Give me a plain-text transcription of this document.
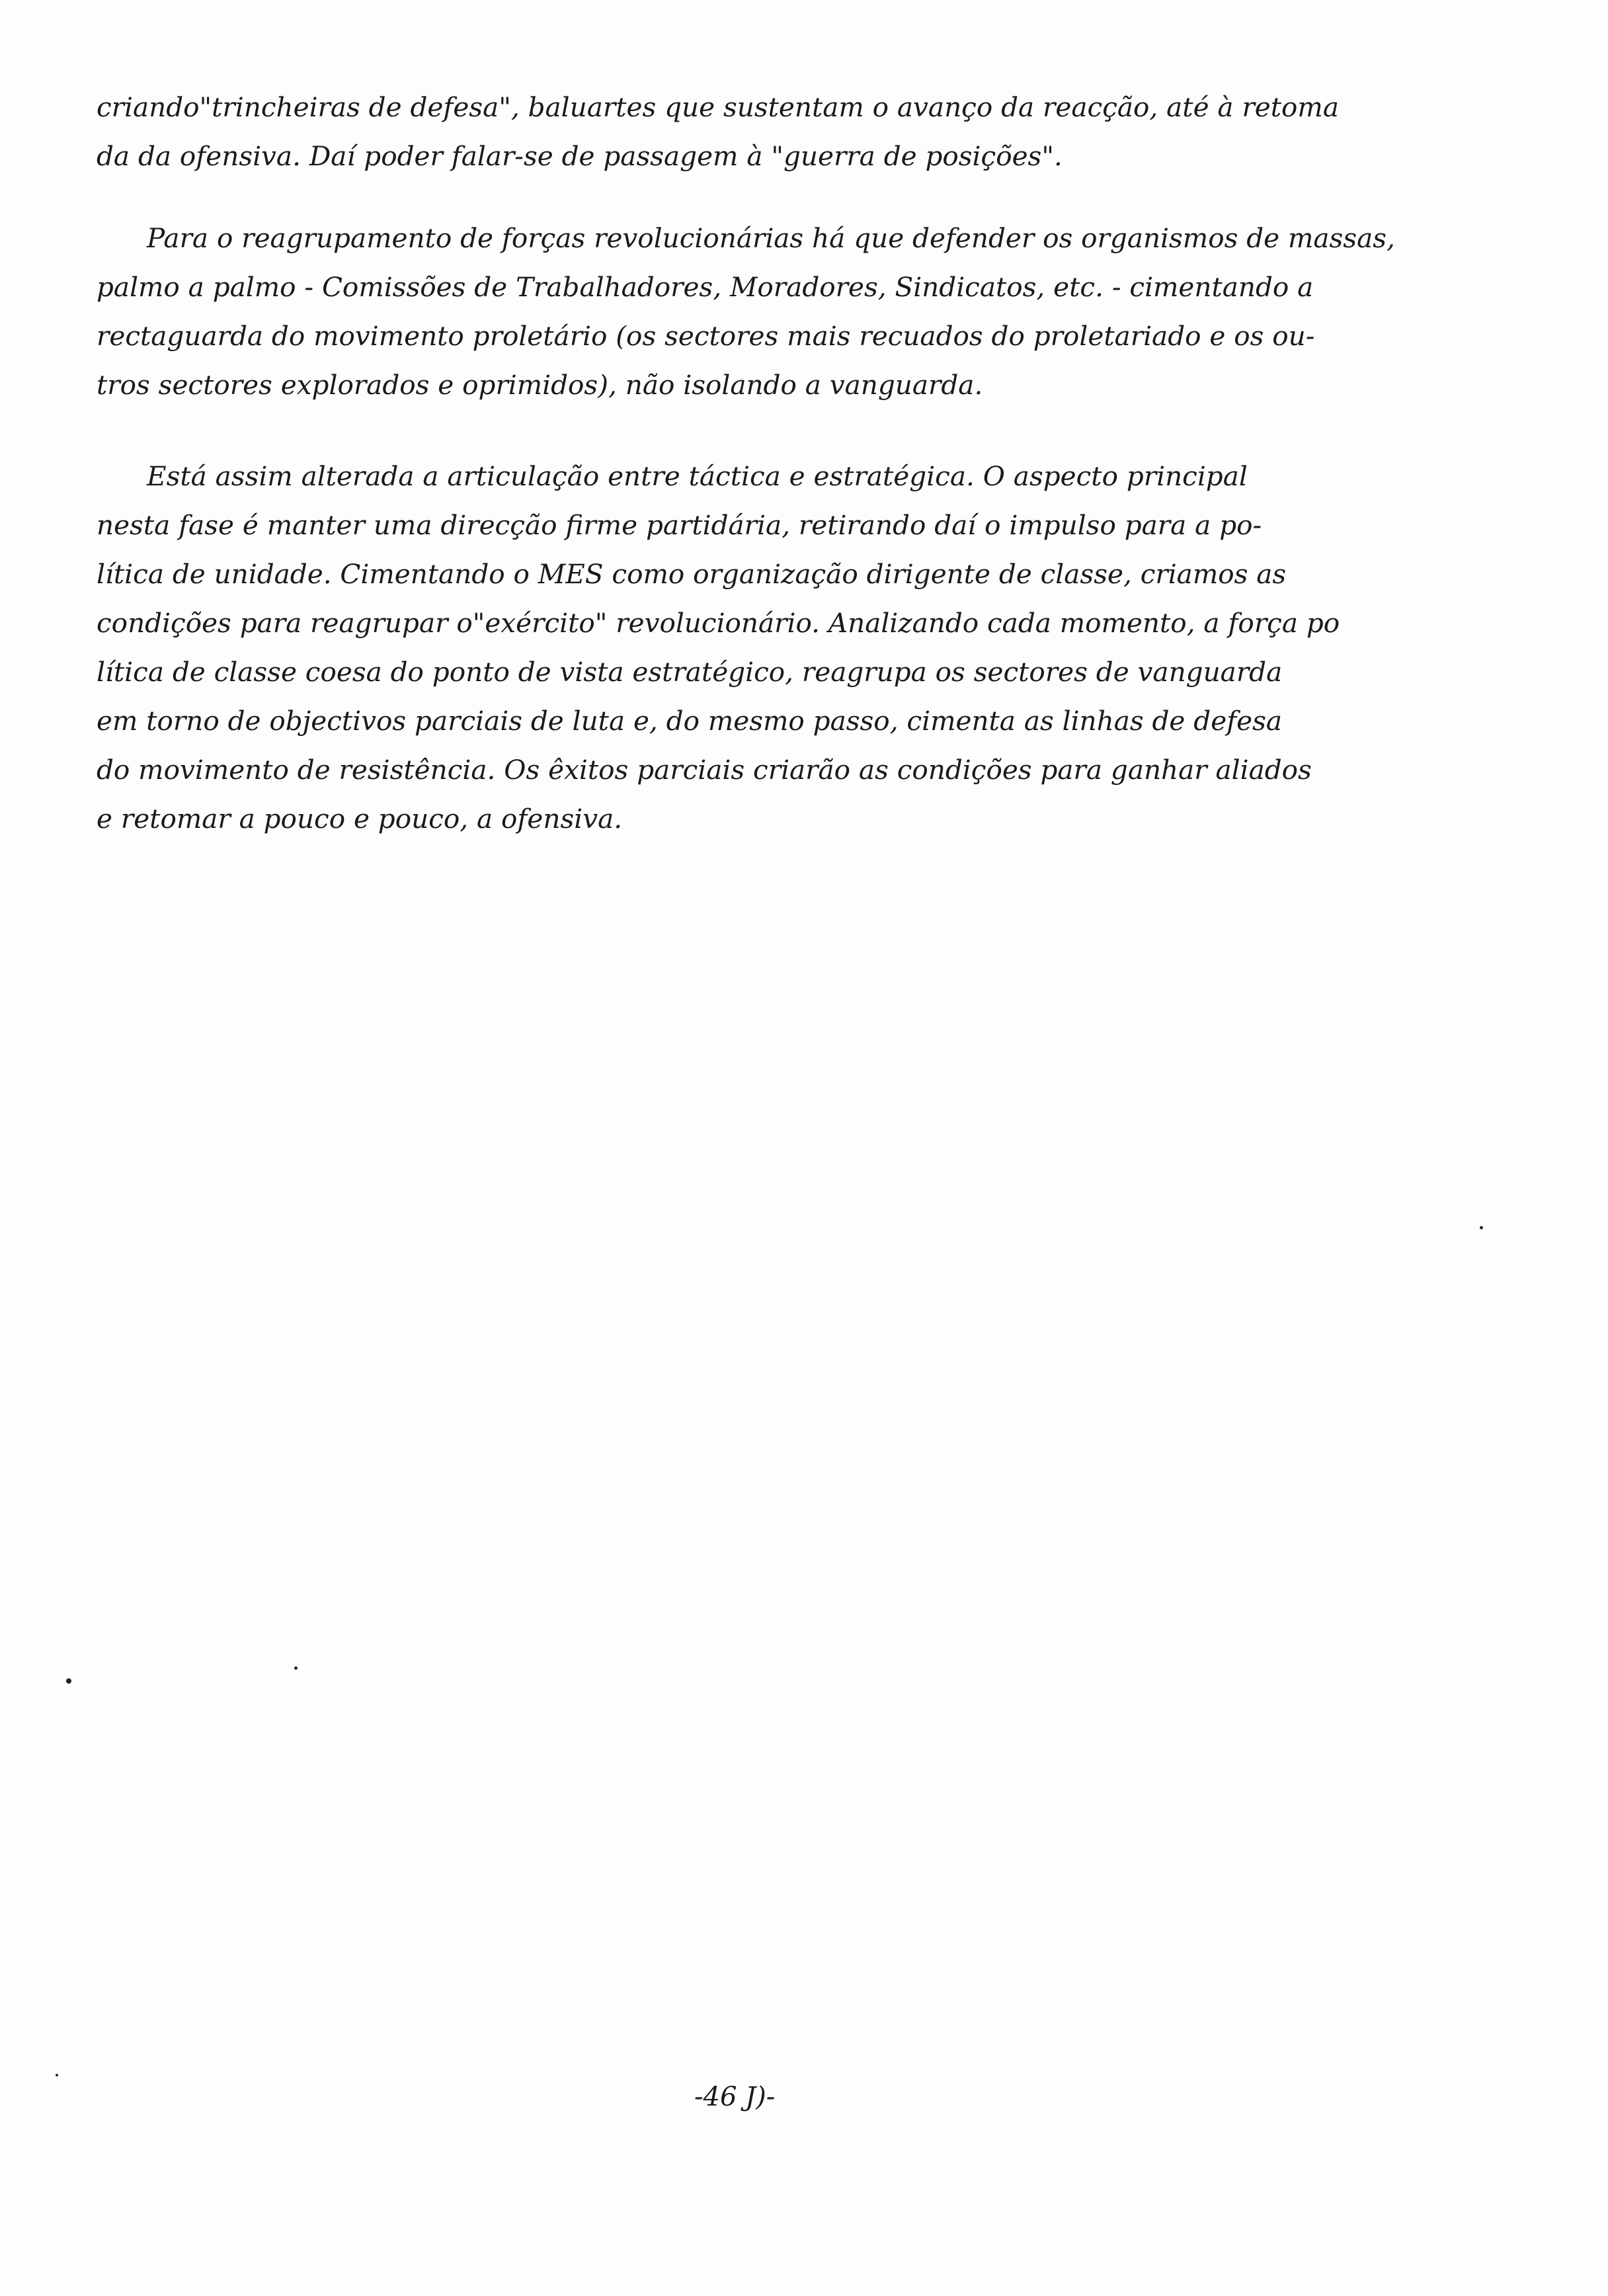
criando"trincheiras de defesa", baluartes que sustentam o avanço da reacção, até à retoma
da da ofensiva. Daí poder falar-se de passagem à "guerra de posições".

Para o reagrupamento de forças revolucionárias há que defender os organismos de massas,
palmo a palmo - Comissões de Trabalhadores, Moradores, Sindicatos, etc. - cimentando a
rectaguarda do movimento proletário (os sectores mais recuados do proletariado e os ou-
tros sectores explorados e oprimidos), não isolando a vanguarda.

Está assim alterada a articulação entre táctica e estratégica. O aspecto principal
nesta fase é manter uma direcção firme partidária, retirando daí o impulso para a po-
lítica de unidade. Cimentando o MES como organização dirigente de classe, criamos as
condições para reagrupar o"exército" revolucionário. Analizando cada momento, a força po
lítica de classe coesa do ponto de vista estratégico, reagrupa os sectores de vanguarda
em torno de objectivos parciais de luta e, do mesmo passo, cimenta as linhas de defesa
do movimento de resistência. Os êxitos parciais criarão as condições para ganhar aliados
e retomar a pouco e pouco, a ofensiva.

-46 J)-
